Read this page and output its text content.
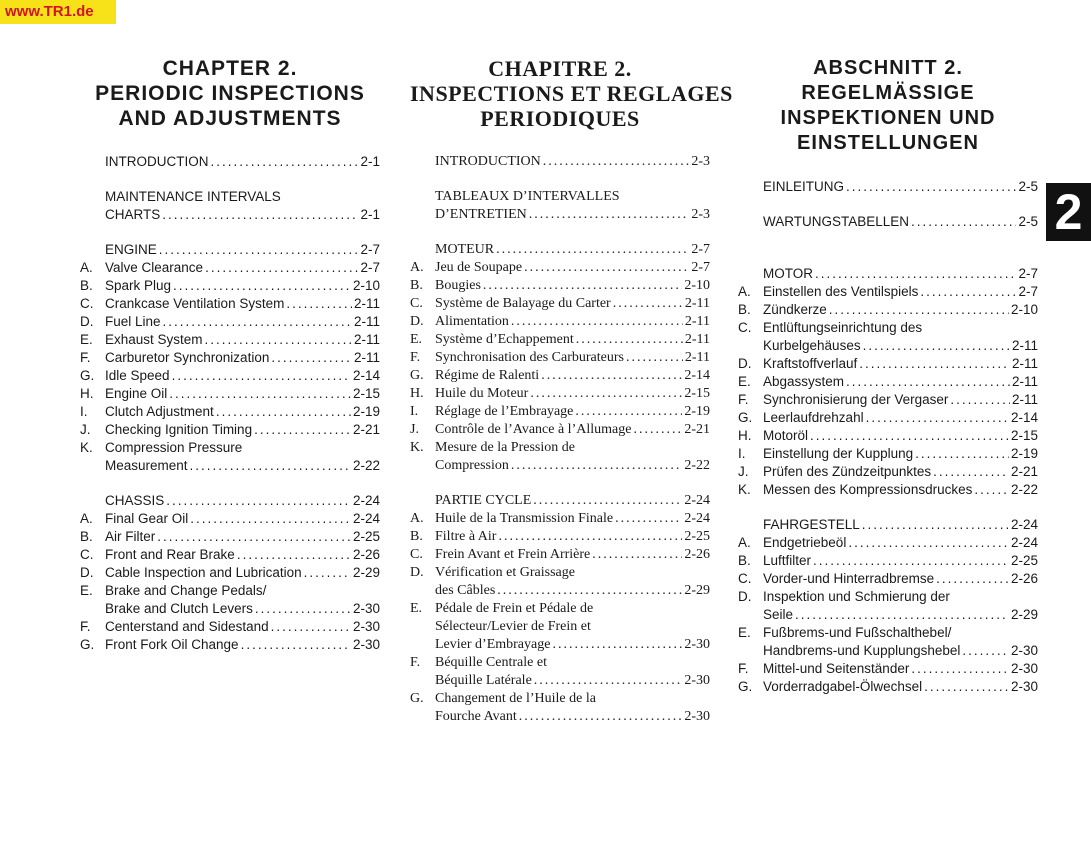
www.TR1.de
CHAPTER 2.
PERIODIC INSPECTIONS
AND ADJUSTMENTS
INTRODUCTION .....	2-1
MAINTENANCE INTERVALS
CHARTS .....	2-1
ENGINE .....	2-7
A. Valve Clearance .....	2-7
B. Spark Plug .....	2-10
C. Crankcase Ventilation System .....	2-11
D. Fuel Line .....	2-11
E. Exhaust System .....	2-11
F.	Carburetor Synchronization .....	2-11
G. Idle Speed .....	2-14
H. Engine Oil .....	2-15
I.	Clutch Adjustment .....	2-19
J.	Checking Ignition Timing .....	2-21
K. Compression Pressure
Measurement .....	2-22
CHASSIS .....	2-24
A. Final Gear Oil .....	2-24
B. Air Filter .....	2-25
C. Front and Rear Brake .....	2-26
D. Cable Inspection and Lubrication .....	2-29
E. Brake and Change Pedals/
Brake and Clutch Levers .....	2-30
F.	Centerstand and Sidestand .....	2-30
G. Front Fork Oil Change .....	2-30
CHAPITRE 2.
INSPECTIONS ET REGLAGES
PERIODIQUES
INTRODUCTION .....	2-3
TABLEAUX D’INTERVALLES
D’ENTRETIEN .....	2-3
MOTEUR .....	2-7
A. Jeu de Soupape .....	2-7
B. Bougies .....	2-10
C. Système de Balayage du Carter .....	2-11
D. Alimentation .....	2-11
E. Système d’Echappement .....	2-11
F.	Synchronisation des Carburateurs .....	2-11
G. Régime de Ralenti .....	2-14
H. Huile du Moteur .....	2-15
I.	Réglage de l’Embrayage .....	2-19
J.	Contrôle de l’Avance à l’Allumage .....	2-21
K. Mesure de la Pression de
Compression .....	2-22
PARTIE CYCLE .....	2-24
A. Huile de la Transmission Finale .....	2-24
B. Filtre à Air .....	2-25
C. Frein Avant et Frein Arrière .....	2-26
D. Vérification et Graissage
des Câbles .....	2-29
E. Pédale de Frein et Pédale de
Sélecteur/Levier de Frein et
Levier d’Embrayage .....	2-30
F.	Béquille Centrale et
Béquille Latérale .....	2-30
G. Changement de l’Huile de la
Fourche Avant .....	2-30
ABSCHNITT 2.
REGELMÄSSIGE
INSPEKTIONEN UND
EINSTELLUNGEN
EINLEITUNG .....	2-5
WARTUNGSTABELLEN .....	2-5
MOTOR .....	2-7
A. Einstellen des Ventilspiels .....	2-7
B. Zündkerze .....	2-10
C. Entlüftungseinrichtung des
Kurbelgehäuses .....	2-11
D. Kraftstoffverlauf .....	2-11
E. Abgassystem .....	2-11
F.	Synchronisierung der Vergaser .....	2-11
G. Leerlaufdrehzahl .....	2-14
H. Motoröl .....	2-15
I.	Einstellung der Kupplung .....	2-19
J.	Prüfen des Zündzeitpunktes .....	2-21
K. Messen des Kompressionsdruckes .....	2-22
FAHRGESTELL .....	2-24
A. Endgetriebeöl .....	2-24
B. Luftfilter .....	2-25
C. Vorder-und Hinterradbremse .....	2-26
D. Inspektion und Schmierung der
Seile .....	2-29
E. Fußbrems-und Fußschalthebel/
Handbrems-und Kupplungshebel .....	2-30
F.	Mittel-und Seitenständer .....	2-30
G. Vorderradgabel-Ölwechsel .....	2-30
2
